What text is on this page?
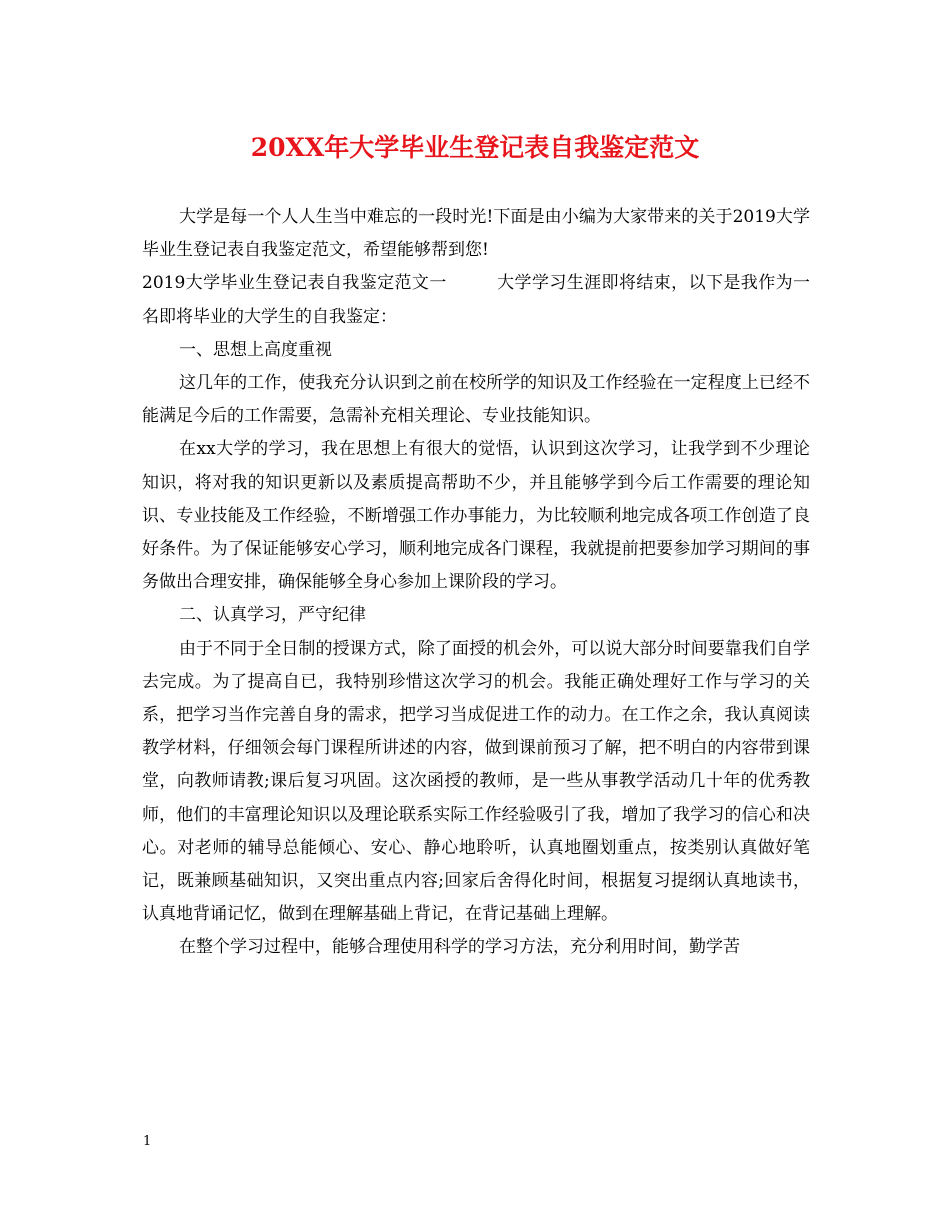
20XX年大学毕业生登记表自我鉴定范文

大学是每一个人人生当中难忘的一段时光!下面是由小编为大家带来的关于2019大学毕业生登记表自我鉴定范文，希望能够帮到您!

2019大学毕业生登记表自我鉴定范文一	大学学习生涯即将结束，以下是我作为一名即将毕业的大学生的自我鉴定：

一、思想上高度重视

这几年的工作，使我充分认识到之前在校所学的知识及工作经验在一定程度上已经不能满足今后的工作需要，急需补充相关理论、专业技能知识。

在xx大学的学习，我在思想上有很大的觉悟，认识到这次学习，让我学到不少理论知识，将对我的知识更新以及素质提高帮助不少，并且能够学到今后工作需要的理论知识、专业技能及工作经验，不断增强工作办事能力，为比较顺利地完成各项工作创造了良好条件。为了保证能够安心学习，顺利地完成各门课程，我就提前把要参加学习期间的事务做出合理安排，确保能够全身心参加上课阶段的学习。

二、认真学习，严守纪律

由于不同于全日制的授课方式，除了面授的机会外，可以说大部分时间要靠我们自学去完成。为了提高自已，我特别珍惜这次学习的机会。我能正确处理好工作与学习的关系，把学习当作完善自身的需求，把学习当成促进工作的动力。在工作之余，我认真阅读教学材料，仔细领会每门课程所讲述的内容，做到课前预习了解，把不明白的内容带到课堂，向教师请教;课后复习巩固。这次函授的教师，是一些从事教学活动几十年的优秀教师，他们的丰富理论知识以及理论联系实际工作经验吸引了我，增加了我学习的信心和决心。对老师的辅导总能倾心、安心、静心地聆听，认真地圈划重点，按类别认真做好笔记，既兼顾基础知识，又突出重点内容;回家后舍得化时间，根据复习提纲认真地读书，认真地背诵记忆，做到在理解基础上背记，在背记基础上理解。

在整个学习过程中，能够合理使用科学的学习方法，充分利用时间，勤学苦

1
